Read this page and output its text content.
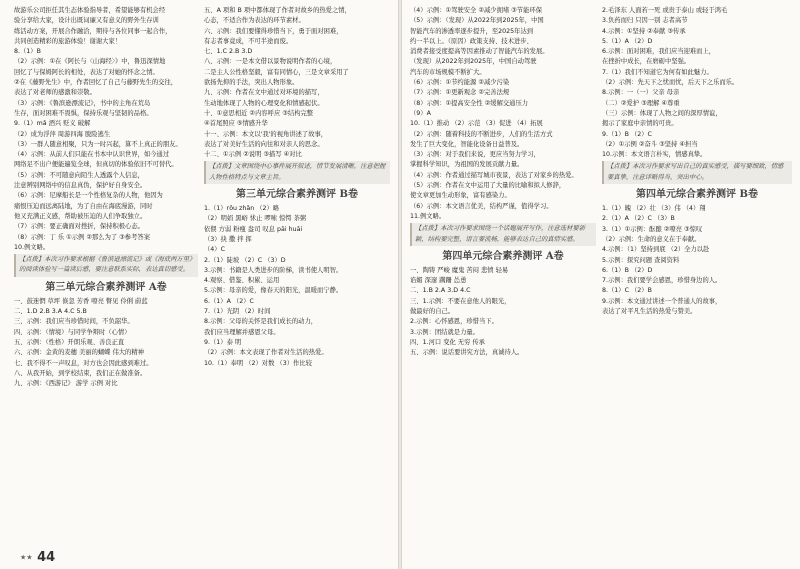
故游乐公司拒任其生态体验指导者，希望能够有机会经
验分享给大家，设计出既词廉又有意义的野外生存训
练活动方案，开展合作融洽，期待与各位同事一起合作，
共同创造精彩的旅游体验！谢谢大家！
8.（1）B
（2）示例：①在《阿长与〈山海经〉》中，鲁迅深情地
回忆了与保姆阿长的相处，表达了对她的怀念之情。
②在《藤野先生》中，作者回忆了自己与藤野先生的交往，
表达了对老师的感激和崇敬。
（3）示例：《鲁滨逊漂流记》，书中的主角在荒岛
生存，面对困难不畏惧，保持乐观与坚韧的品格。
9.（1）mǎ 酒兴 贬义 破解
（2）成为浮萍 周游四海 脱险逃生
（3）一群人随意相聚，只为一时兴起，算不上真正的朋友。
（4）示例：从前人们只能在书本中认识世界，如今通过
网络足不出户便能遍览全球，但真切的体验依旧不可替代。
（5）示例：不可随意向陌生人透露个人信息，
注意辨别网络中的信息真伪，保护好自身安全。
（6）示例：尼摩船长是一个性格复杂的人物，他因为
痛恨压迫而远离陆地，为了自由在海底漫游，同时
他又充满正义感，帮助被压迫的人们争取独立。
（7）示例：要正确面对挫折，保持积极心态。
（8）示例：丁 乐 ①示例 ②那么为了 ③参考答案
10.例文略。
【点拨】本次习作要求根据《鲁滨逊漂流记》或《海底两万里》的阅读体验写一篇读后感，要注意联系实际，表达真切感受。
第三单元综合素养测评 A卷
一、鼓迷惘 草坪 倏忽 芳香 嘹亮 瞥见 伶俐 蔚蓝
二、1.D 2.B 3.A 4.C 5.B
三、示例：我们应当珍惜时间，不负韶华。
四、示例：（情境）与同学争辩时（心情）
五、示例：（性格）开朗乐观、善良正直
六、示例：金黄的麦穗 美丽的蝴蝶 伟大的精神
七、我不得不一声叹息，对方也会因此感到难过。
八、从我开始，到学校结束，我们正在做准备。
九、示例：《西游记》 游学 示例 对比
五、A 项和 B 项中都体现了作者对故乡的热爱之情，
心态，不适合作为表达的环节素材。
六、示例：我们要懂得珍惜当下，勇于面对困难，
有志者事竟成，不可半途而废。
七、1.C 2.B 3.D
八、示例：一是本文借以景物说明作者的心境，
二是主人公性格坚毅，富有同情心，三是文章采用了
欲扬先抑的手法，突出人物形象。
九、示例：作者在文中通过对环境的描写，
生动地体现了人物的心理变化和情感起伏。
十、①意思相近 ②内容呼应 ③结构完整
④首尾照应 ⑤情感升华
十一、示例：本文以'我'的视角讲述了故事，
表达了对美好生活的向往和对亲人的思念。
十二、①示例 ②说明 ③描写 ④对比
【点拨】文章围绕中心事件展开叙述，情节发展清晰，注意把握人物性格特点与文章主旨。
第三单元综合素养测评 B卷
1.（1）rǒu zhǎn （2）略
（2）明娟 黑峪 怵止 啰嗦 惊愕 茶粥
依偎 方弱 粉瘦 盎司 叹息 pāi huāi
（3）抉 撒 拌 挥
（4）C
2.（1）陡坡 （2）C （3）D
3.示例：书籍是人类进步的阶梯，读书使人明智。
4.观察、借鉴、积累、运用
5.示例：母亲的爱，像春天的阳光，温暖而宁静。
6.（1）A （2）C
7.（1）光阴 （2）时间
8.示例：父母的关怀是我们成长的动力，
我们应当理解并感恩父母。
9.（1）泰 明
（2）示例：本文表现了作者对生活的热爱。
10.（1）奉明 （2）对数 （3）作比较
★★ 44
（4）示例：①驾驶安全 ②减少拥堵 ③节能环保
（5）示例：（发现）从2022年到2025年，中国
智能汽车的渗透率逐步提升，至2025年达到
约一半以上。（原因）政策支持、技术进步、
消费者接受度提高等因素推动了智能汽车的发展。
（发现）从2022年到2025年，中国自动驾驶
汽车的市场规模不断扩大。
（6）示例：①节约能源 ②减少污染
（7）示例：①更新观念 ②完善法规
（8）示例：①提高安全性 ②缓解交通压力
（9）A
10.（1）推动 （2）示范 （3）促进 （4）拓展
（2）示例：随着科技的不断进步，人们的生活方式
发生了巨大变化，智能化设备日益普及。
（3）示例：对于我们来说，更应当努力学习，
掌握科学知识，为祖国的发展贡献力量。
（4）示例：作者通过描写城市夜景，表达了对家乡的热爱。
（5）示例：作者在文中运用了大量的比喻和拟人修辞，
使文章更加生动形象，富有感染力。
（6）示例：本文语言优美，结构严谨，值得学习。
11.例文略。
【点拨】本次习作要求围绕一个话题展开写作，注意选材要新颖，结构要完整，语言要流畅，能够表达自己的真情实感。
第四单元综合素养测评 A卷
一、陶铸 严峻 魔鬼 苦闷 悲愤 轻易
谄媚 深邃 蹒跚 怂恿
二、1.B 2.A 3.D 4.C
三、1.示例：不要在意他人的眼光，
做最好的自己。
2.示例：心怀感恩，珍惜当下。
3.示例：团结就是力量。
四、1.河口 变化 无穷 传承
五、示例：说话要讲究方法，真诚待人。
2.毛泽东 人面若一死 或贵于泰山 或轻于鸿毛
3.负药而归 只因一别 志者高节
4.示例：①坚持 ②奉献 ③传承
5.（1）A （2）D
6.示例：面对困难，我们应当迎难而上，
在挫折中成长，在磨砺中坚强。
7.（1）我们不知道它为何有如此魅力。
（2）示例：先天下之忧而忧，后天下之乐而乐。
8.示例：一（一）父亲 母亲
（二）②爱护 ③理解 ④尊重
（三）示例：体现了人物之间的深厚情谊，
揭示了家庭中亲情的可贵。
9.（1）B （2）C
（2）①示例 ②奋斗 ③坚持 ④担当
10.示例：本文语言朴实，情感真挚。
【点拨】本次习作要求写出自己的真实感受，描写要细致，情感要真挚，注意详略得当，突出中心。
第四单元综合素养测评 B卷
1.（1）魄 （2）壮 （3）伟 （4）翔
2.（1）A （2）C （3）B
3.（1）①示例：酝酿 ②嘹亮 ③惊叹
（2）示例：生命的意义在于奉献。
4.示例：（1）坚持到底 （2）全力以赴
5.示例：探究问题 查阅资料
6.（1）B （2）D
7.示例：我们要学会感恩，珍惜身边的人。
8.（1）C （2）B
9.示例：本文通过讲述一个普通人的故事，
表达了对平凡生活的热爱与赞美。
